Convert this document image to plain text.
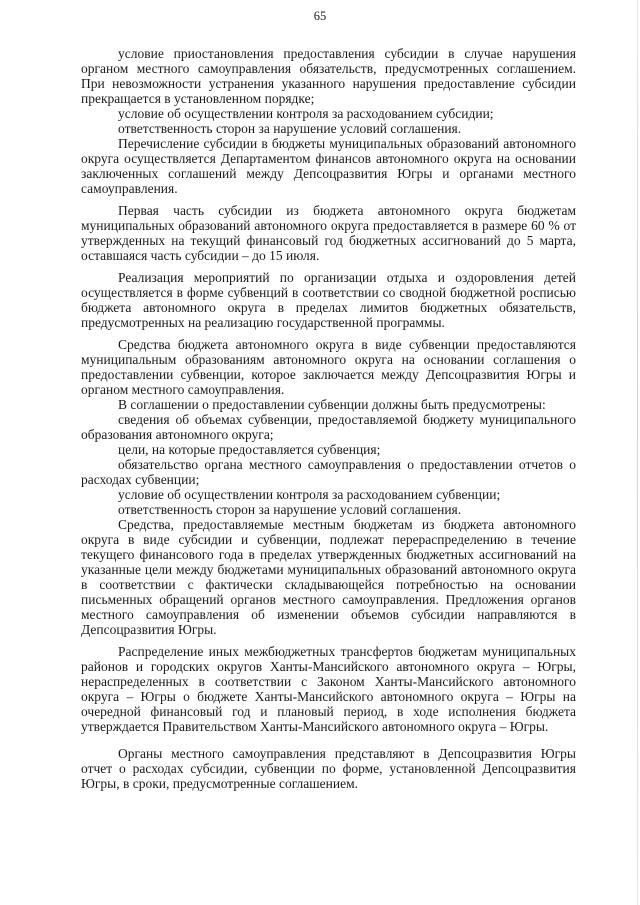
65

условие приостановления предоставления субсидии в случае нарушения органом местного самоуправления обязательств, предусмотренных соглашением. При невозможности устранения указанного нарушения предоставление субсидии прекращается в установленном порядке;

условие об осуществлении контроля за расходованием субсидии;

ответственность сторон за нарушение условий соглашения.

Перечисление субсидии в бюджеты муниципальных образований автономного округа осуществляется Департаментом финансов автономного округа на основании заключенных соглашений между Депсоцразвития Югры и органами местного самоуправления.

Первая часть субсидии из бюджета автономного округа бюджетам муниципальных образований автономного округа предоставляется в размере 60 % от утвержденных на текущий финансовый год бюджетных ассигнований до 5 марта, оставшаяся часть субсидии – до 15 июля.

Реализация мероприятий по организации отдыха и оздоровления детей осуществляется в форме субвенций в соответствии со сводной бюджетной росписью бюджета автономного округа в пределах лимитов бюджетных обязательств, предусмотренных на реализацию государственной программы.

Средства бюджета автономного округа в виде субвенции предоставляются муниципальным образованиям автономного округа на основании соглашения о предоставлении субвенции, которое заключается между Депсоцразвития Югры и органом местного самоуправления.

В соглашении о предоставлении субвенции должны быть предусмотрены:

сведения об объемах субвенции, предоставляемой бюджету муниципального образования автономного округа;

цели, на которые предоставляется субвенция;

обязательство органа местного самоуправления о предоставлении отчетов о расходах субвенции;

условие об осуществлении контроля за расходованием субвенции;

ответственность сторон за нарушение условий соглашения.

Средства, предоставляемые местным бюджетам из бюджета автономного округа в виде субсидии и субвенции, подлежат перераспределению в течение текущего финансового года в пределах утвержденных бюджетных ассигнований на указанные цели между бюджетами муниципальных образований автономного округа в соответствии с фактически складывающейся потребностью на основании письменных обращений органов местного самоуправления. Предложения органов местного самоуправления об изменении объемов субсидии направляются в Депсоцразвития Югры.

Распределение иных межбюджетных трансфертов бюджетам муниципальных районов и городских округов Ханты-Мансийского автономного округа – Югры, нераспределенных в соответствии с Законом Ханты-Мансийского автономного округа – Югры о бюджете Ханты-Мансийского автономного округа – Югры на очередной финансовый год и плановый период, в ходе исполнения бюджета утверждается Правительством Ханты-Мансийского автономного округа – Югры.

Органы местного самоуправления представляют в Депсоцразвития Югры отчет о расходах субсидии, субвенции по форме, установленной Депсоцразвития Югры, в сроки, предусмотренные соглашением.
